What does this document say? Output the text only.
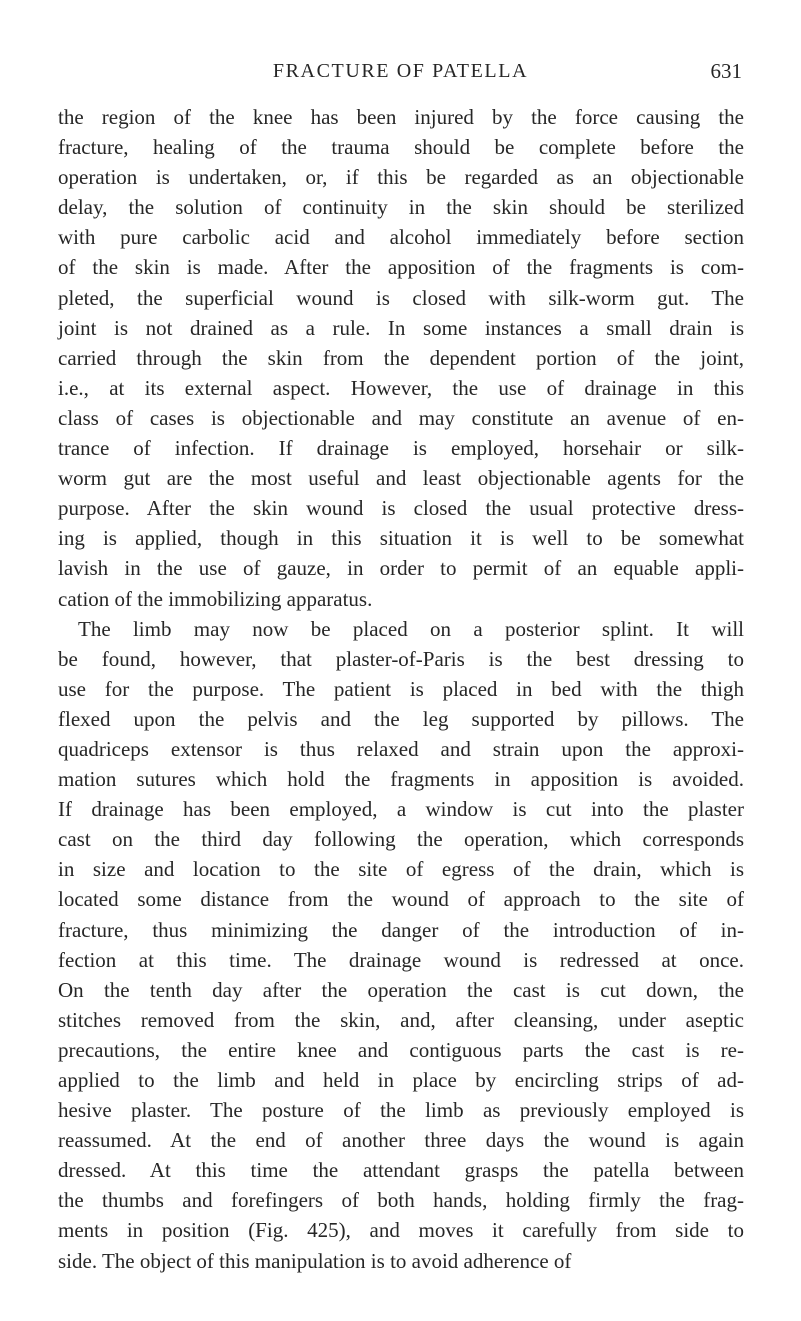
FRACTURE OF PATELLA	631
the region of the knee has been injured by the force causing the
fracture, healing of the trauma should be complete before the
operation is undertaken, or, if this be regarded as an objectionable
delay, the solution of continuity in the skin should be sterilized
with pure carbolic acid and alcohol immediately before section
of the skin is made. After the apposition of the fragments is com-
pleted, the superficial wound is closed with silk-worm gut. The
joint is not drained as a rule. In some instances a small drain is
carried through the skin from the dependent portion of the joint,
i.e., at its external aspect. However, the use of drainage in this
class of cases is objectionable and may constitute an avenue of en-
trance of infection. If drainage is employed, horsehair or silk-
worm gut are the most useful and least objectionable agents for the
purpose. After the skin wound is closed the usual protective dress-
ing is applied, though in this situation it is well to be somewhat
lavish in the use of gauze, in order to permit of an equable appli-
cation of the immobilizing apparatus.
The limb may now be placed on a posterior splint. It will
be found, however, that plaster-of-Paris is the best dressing to
use for the purpose. The patient is placed in bed with the thigh
flexed upon the pelvis and the leg supported by pillows. The
quadriceps extensor is thus relaxed and strain upon the approxi-
mation sutures which hold the fragments in apposition is avoided.
If drainage has been employed, a window is cut into the plaster
cast on the third day following the operation, which corresponds
in size and location to the site of egress of the drain, which is
located some distance from the wound of approach to the site of
fracture, thus minimizing the danger of the introduction of in-
fection at this time. The drainage wound is redressed at once.
On the tenth day after the operation the cast is cut down, the
stitches removed from the skin, and, after cleansing, under aseptic
precautions, the entire knee and contiguous parts the cast is re-
applied to the limb and held in place by encircling strips of ad-
hesive plaster. The posture of the limb as previously employed is
reassumed. At the end of another three days the wound is again
dressed. At this time the attendant grasps the patella between
the thumbs and forefingers of both hands, holding firmly the frag-
ments in position (Fig. 425), and moves it carefully from side to
side. The object of this manipulation is to avoid adherence of
